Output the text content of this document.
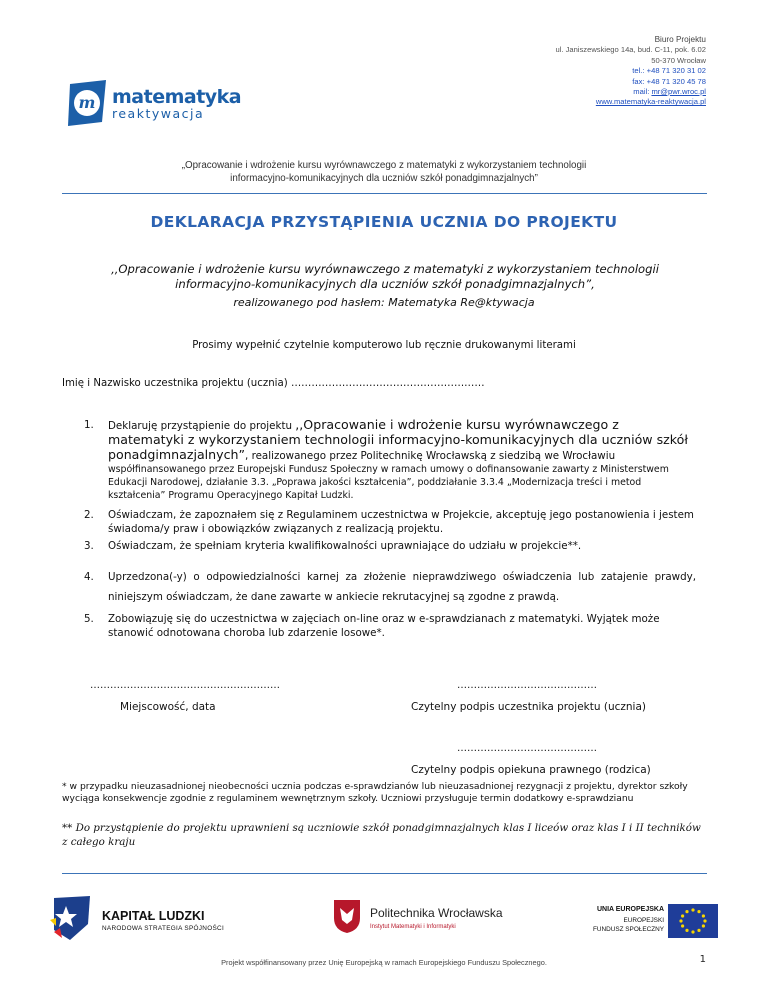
m matematyka
reaktywacja
Biuro Projektu
ul. Janiszewskiego 14a, bud. C-11, pok. 6.02
50-370 Wrocław
tel.: +48 71 320 31 02
fax: +48 71 320 45 78
mail: mr@pwr.wroc.pl
www.matematyka-reaktywacja.pl
„Opracowanie i wdrożenie kursu wyrównawczego z matematyki z wykorzystaniem technologii
informacyjno-komunikacyjnych dla uczniów szkół ponadgimnazjalnych”
DEKLARACJA PRZYSTĄPIENIA UCZNIA DO PROJEKTU
,,Opracowanie i wdrożenie kursu wyrównawczego z matematyki z wykorzystaniem technologii
informacyjno-komunikacyjnych dla uczniów szkół ponadgimnazjalnych”,
realizowanego pod hasłem: Matematyka Re@ktywacja
Prosimy wypełnić czytelnie komputerowo lub ręcznie drukowanymi literami
Imię i Nazwisko uczestnika projektu (ucznia) …………………………………………………
1. Deklaruję przystąpienie do projektu ,,Opracowanie i wdrożenie kursu wyrównawczego z matematyki z wykorzystaniem technologii informacyjno-komunikacyjnych dla uczniów szkół ponadgimnazjalnych”, realizowanego przez Politechnikę Wrocławską z siedzibą we Wrocławiu
współfinansowanego przez Europejski Fundusz Społeczny w ramach umowy o dofinansowanie zawarty z Ministerstwem Edukacji Narodowej, działanie 3.3. „Poprawa jakości kształcenia”, poddziałanie 3.3.4 „Modernizacja treści i metod kształcenia” Programu Operacyjnego Kapitał Ludzki.
2. Oświadczam, że zapoznałem się z Regulaminem uczestnictwa w Projekcie, akceptuję jego postanowienia i jestem świadoma/y praw i obowiązków związanych z realizacją projektu.
3. Oświadczam, że spełniam kryteria kwalifikowalności uprawniające do udziału w projekcie**.
4. Uprzedzona(-y) o odpowiedzialności karnej za złożenie nieprawdziwego oświadczenia lub zatajenie prawdy, niniejszym oświadczam, że dane zawarte w ankiecie rekrutacyjnej są zgodne z prawdą.
5. Zobowiązuję się do uczestnictwa w zajęciach on-line oraz w e-sprawdzianach z matematyki. Wyjątek może stanowić odnotowana choroba lub zdarzenie losowe*.
…………………………………………………
Miejscowość, data
……………………………………
Czytelny podpis uczestnika projektu (ucznia)
……………………………………
Czytelny podpis opiekuna prawnego (rodzica)
* w przypadku nieuzasadnionej nieobecności ucznia podczas e-sprawdzianów lub nieuzasadnionej rezygnacji z projektu, dyrektor szkoły wyciąga konsekwencje zgodnie z regulaminem wewnętrznym szkoły. Uczniowi przysługuje termin dodatkowy e-sprawdzianu
** Do przystąpienie do projektu uprawnieni są uczniowie szkół ponadgimnazjalnych klas I liceów oraz klas I i II techników z całego kraju
KAPITAŁ LUDZKI
NARODOWA STRATEGIA SPÓJNOŚCI
Politechnika Wrocławska
Instytut Matematyki i Informatyki
UNIA EUROPEJSKA
EUROPEJSKI
FUNDUSZ SPOŁECZNY
Projekt współfinansowany przez Unię Europejską w ramach Europejskiego Funduszu Społecznego.	1
